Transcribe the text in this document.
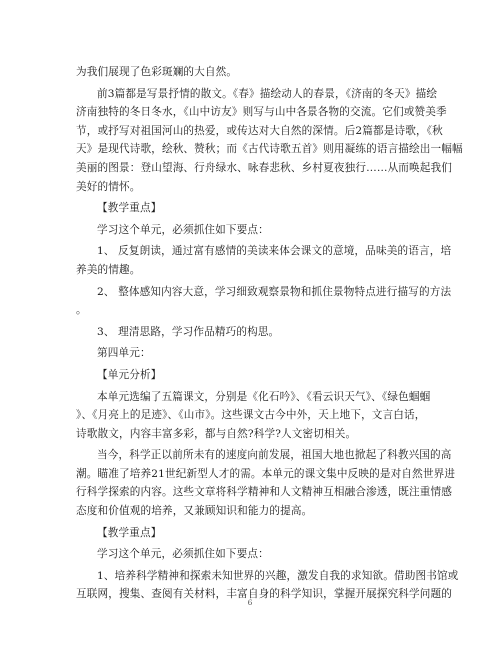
为我们展现了色彩斑斓的大自然。
前3篇都是写景抒情的散文。《春》描绘动人的春景，《济南的冬天》描绘
济南独特的冬日冬水，《山中访友》则写与山中各景各物的交流。它们或赞美季
节，或抒写对祖国河山的热爱，或传达对大自然的深情。后2篇都是诗歌，《秋
天》是现代诗歌，绘秋、赞秋；而《古代诗歌五首》则用凝练的语言描绘出一幅幅
美丽的图景：登山望海、行舟绿水、咏春悲秋、乡村夏夜独行……从而唤起我们
美好的情怀。
【教学重点】
学习这个单元，必须抓住如下要点：
1、 反复朗读，通过富有感情的美读来体会课文的意境，品味美的语言，培
养美的情趣。
2、 整体感知内容大意，学习细致观察景物和抓住景物特点进行描写的方法
。
3、 理清思路，学习作品精巧的构思。
第四单元：
【单元分析】
本单元选编了五篇课文，分别是《化石吟》、《看云识天气》、《绿色蝈蝈
》、《月亮上的足迹》、《山市》。这些课文古今中外，天上地下，文言白话，
诗歌散文，内容丰富多彩，都与自然?科学?人文密切相关。
当今，科学正以前所未有的速度向前发展，祖国大地也掀起了科教兴国的高
潮。瞄准了培养21世纪新型人才的需。本单元的课文集中反映的是对自然世界进
行科学探索的内容。这些文章将科学精神和人文精神互相融合渗透，既注重情感
态度和价值观的培养，又兼顾知识和能力的提高。
【教学重点】
学习这个单元，必须抓住如下要点：
1、培养科学精神和探索未知世界的兴趣，激发自我的求知欲。借助图书馆或
互联网，搜集、查阅有关材料，丰富自身的科学知识，掌握开展探究科学问题的
6
